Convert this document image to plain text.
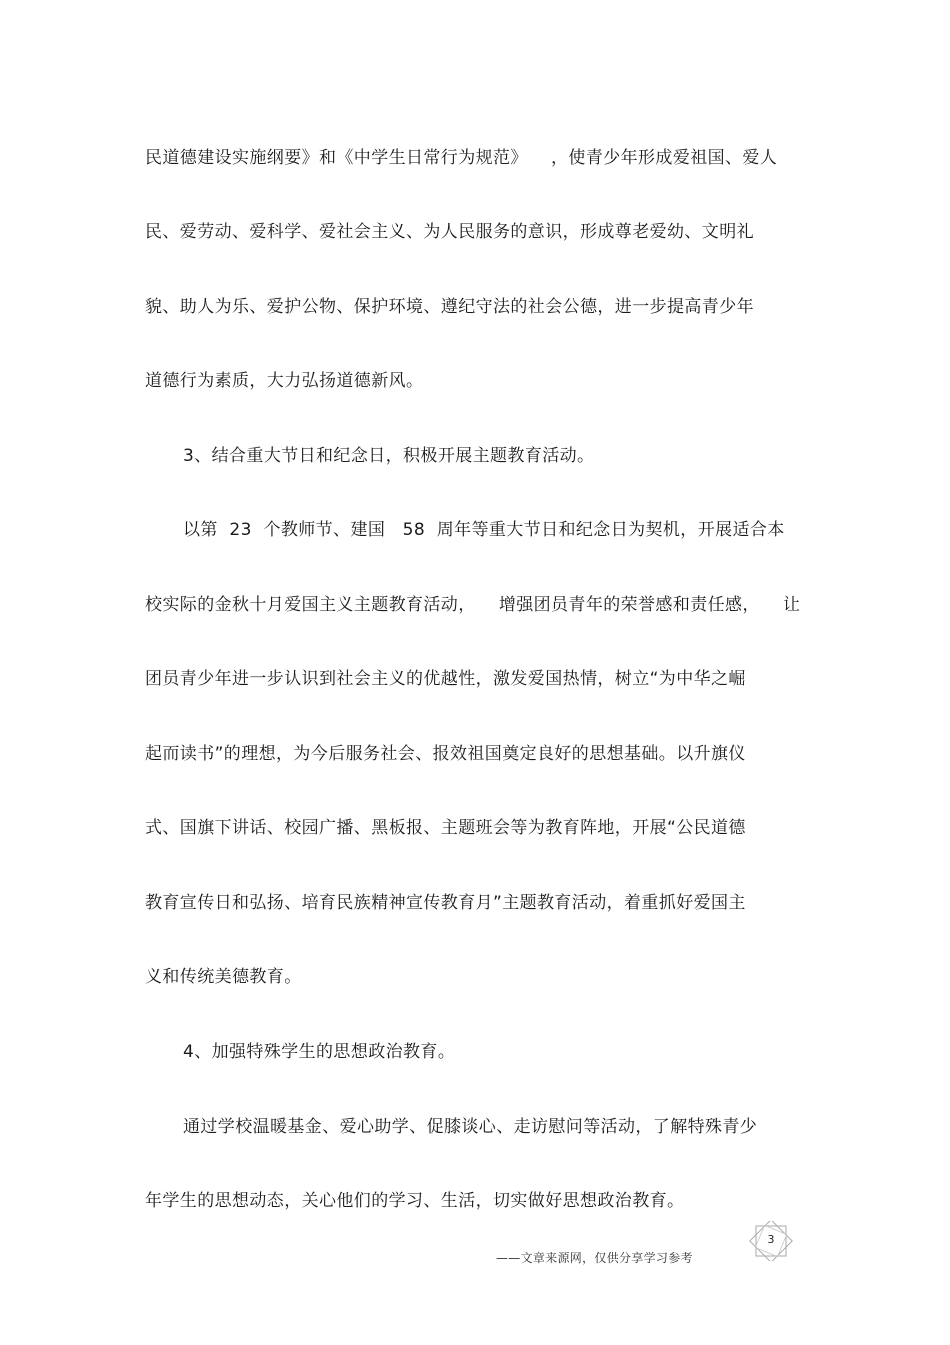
民道德建设实施纲要》和《中学生日常行为规范》    ，使青少年形成爱祖国、爱人
民、爱劳动、爱科学、爱社会主义、为人民服务的意识，形成尊老爱幼、文明礼
貌、助人为乐、爱护公物、保护环境、遵纪守法的社会公德，进一步提高青少年
道德行为素质，大力弘扬道德新风。
3、结合重大节日和纪念日，积极开展主题教育活动。
以第  23  个教师节、建国   58  周年等重大节日和纪念日为契机，开展适合本
校实际的金秋十月爱国主义主题教育活动，    增强团员青年的荣誉感和责任感，    让
团员青少年进一步认识到社会主义的优越性，激发爱国热情，树立“为中华之崛
起而读书”的理想，为今后服务社会、报效祖国奠定良好的思想基础。以升旗仪
式、国旗下讲话、校园广播、黑板报、主题班会等为教育阵地，开展“公民道德
教育宣传日和弘扬、培育民族精神宣传教育月”主题教育活动，着重抓好爱国主
义和传统美德教育。
4、加强特殊学生的思想政治教育。
通过学校温暖基金、爱心助学、促膝谈心、走访慰问等活动，了解特殊青少
年学生的思想动态，关心他们的学习、生活，切实做好思想政治教育。
——文章来源网，仅供分享学习参考
3
